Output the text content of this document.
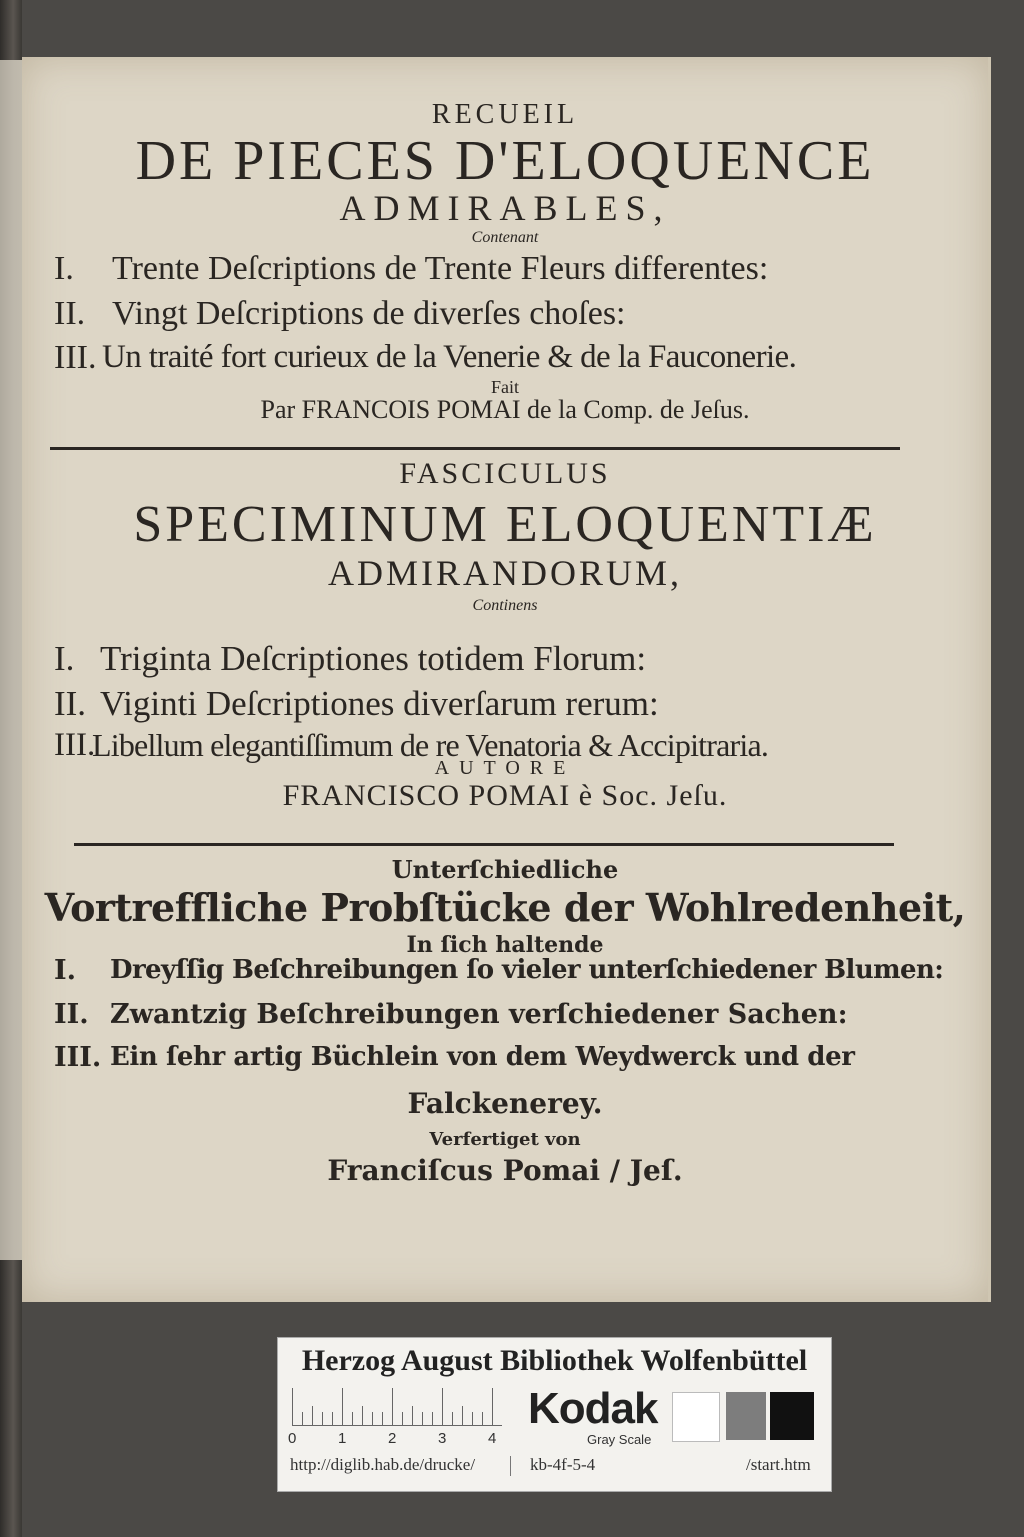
RECUEIL
DE PIECES D'ELOQUENCE
ADMIRABLES,
Contenant
I. Trente Deſcriptions de Trente Fleurs differentes:
II. Vingt Deſcriptions de diverſes choſes:
III. Un traité fort curieux de la Venerie & de la Fauconerie.
Fait
Par FRANCOIS POMAI de la Comp. de Jeſus.
FASCICULUS
SPECIMINUM ELOQUENTIÆ
ADMIRANDORUM,
Continens
I. Triginta Deſcriptiones totidem Florum:
II. Viginti Deſcriptiones diverſarum rerum:
III.
Libellum elegantiſſimum de re Venatoria & Accipitraria.
AUTORE
FRANCISCO POMAI è Soc. Jeſu.
Unterſchiedliche
Vortreffliche Probſtücke der Wohlredenheit,
In ſich haltende
I. Dreyſſig Beſchreibungen ſo vieler unterſchiedener Blumen:
II. Zwantzig Beſchreibungen verſchiedener Sachen:
III. Ein ſehr artig Büchlein von dem Weydwerck und der
Falckenerey.
Verfertiget von
Franciſcus Pomai / Jeſ.
Herzog August Bibliothek Wolfenbüttel
0	1	2	3	4
Kodak
Gray Scale
http://diglib.hab.de/drucke/	kb-4f-5-4	/start.htm
